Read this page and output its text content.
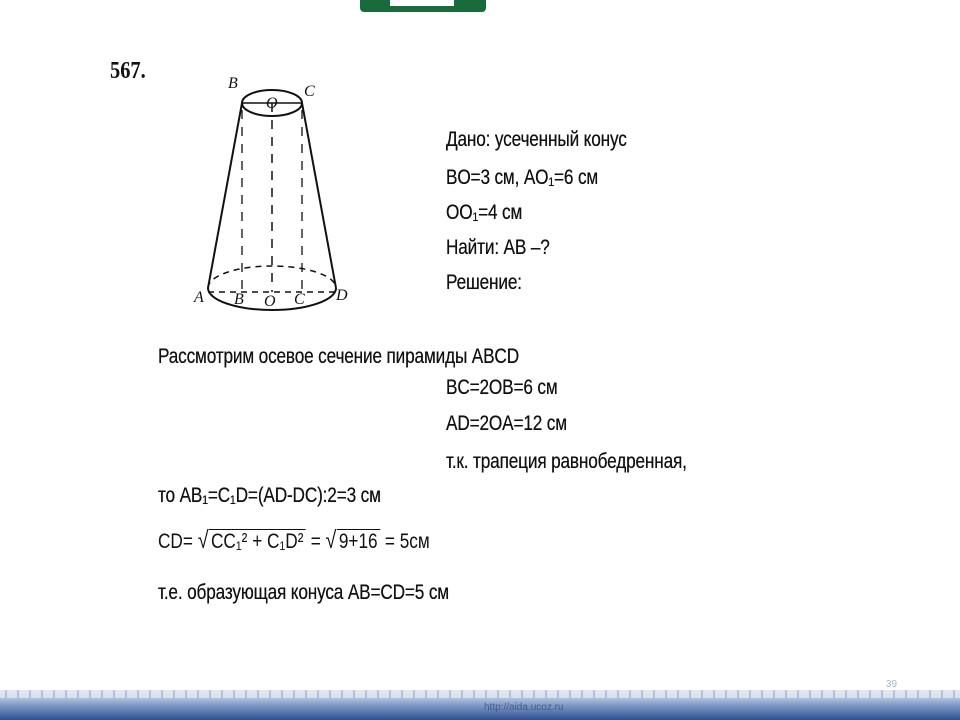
567.	B	C
O
A B O C D
Дано: усеченный конус
BO=3 см, AO₁=6 см
OO₁=4 см
Найти: AB –?
Решение:
Рассмотрим осевое сечение пирамиды ABCD
BC=2OB=6 см
AD=2OA=12 см
т.к. трапеция равнобедренная,
то AB₁=C₁D=(AD-DC):2=3 см
CD= √ CC₁² + C₁D² = √ 9+16 = 5см
т.е. образующая конуса AB=CD=5 см
39
http://aida.ucoz.ru
